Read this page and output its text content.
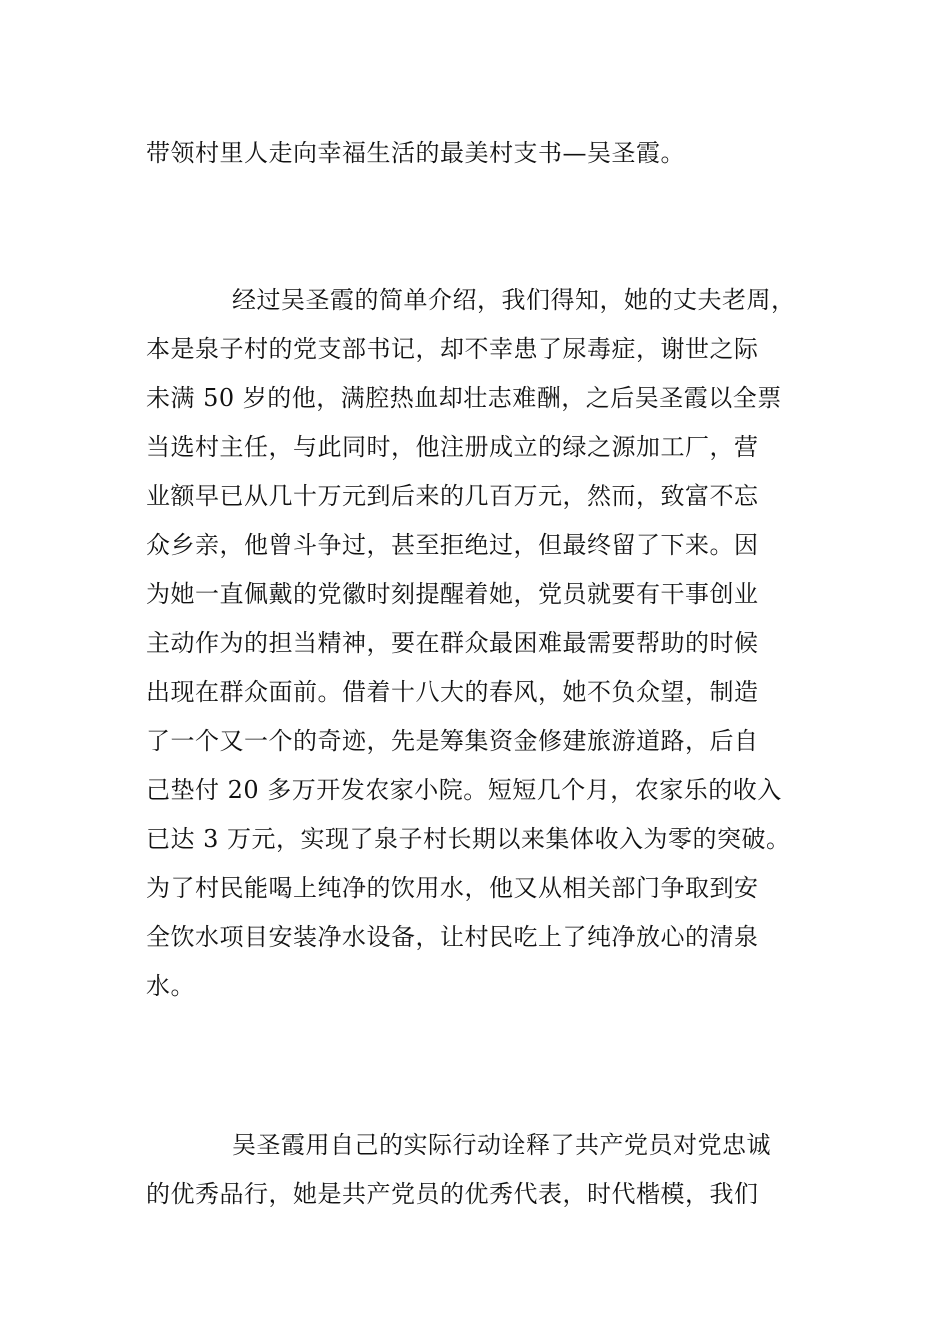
带领村里人走向幸福生活的最美村支书—吴圣霞。
经过吴圣霞的简单介绍，我们得知，她的丈夫老周，
本是泉子村的党支部书记，却不幸患了尿毒症，谢世之际
未满 50 岁的他，满腔热血却壮志难酬，之后吴圣霞以全票
当选村主任，与此同时，他注册成立的绿之源加工厂，营
业额早已从几十万元到后来的几百万元，然而，致富不忘
众乡亲，他曾斗争过，甚至拒绝过，但最终留了下来。因
为她一直佩戴的党徽时刻提醒着她，党员就要有干事创业
主动作为的担当精神，要在群众最困难最需要帮助的时候
出现在群众面前。借着十八大的春风，她不负众望，制造
了一个又一个的奇迹，先是筹集资金修建旅游道路，后自
己垫付 20 多万开发农家小院。短短几个月，农家乐的收入
已达 3 万元，实现了泉子村长期以来集体收入为零的突破。
为了村民能喝上纯净的饮用水，他又从相关部门争取到安
全饮水项目安装净水设备，让村民吃上了纯净放心的清泉
水。
吴圣霞用自己的实际行动诠释了共产党员对党忠诚
的优秀品行，她是共产党员的优秀代表，时代楷模，我们
